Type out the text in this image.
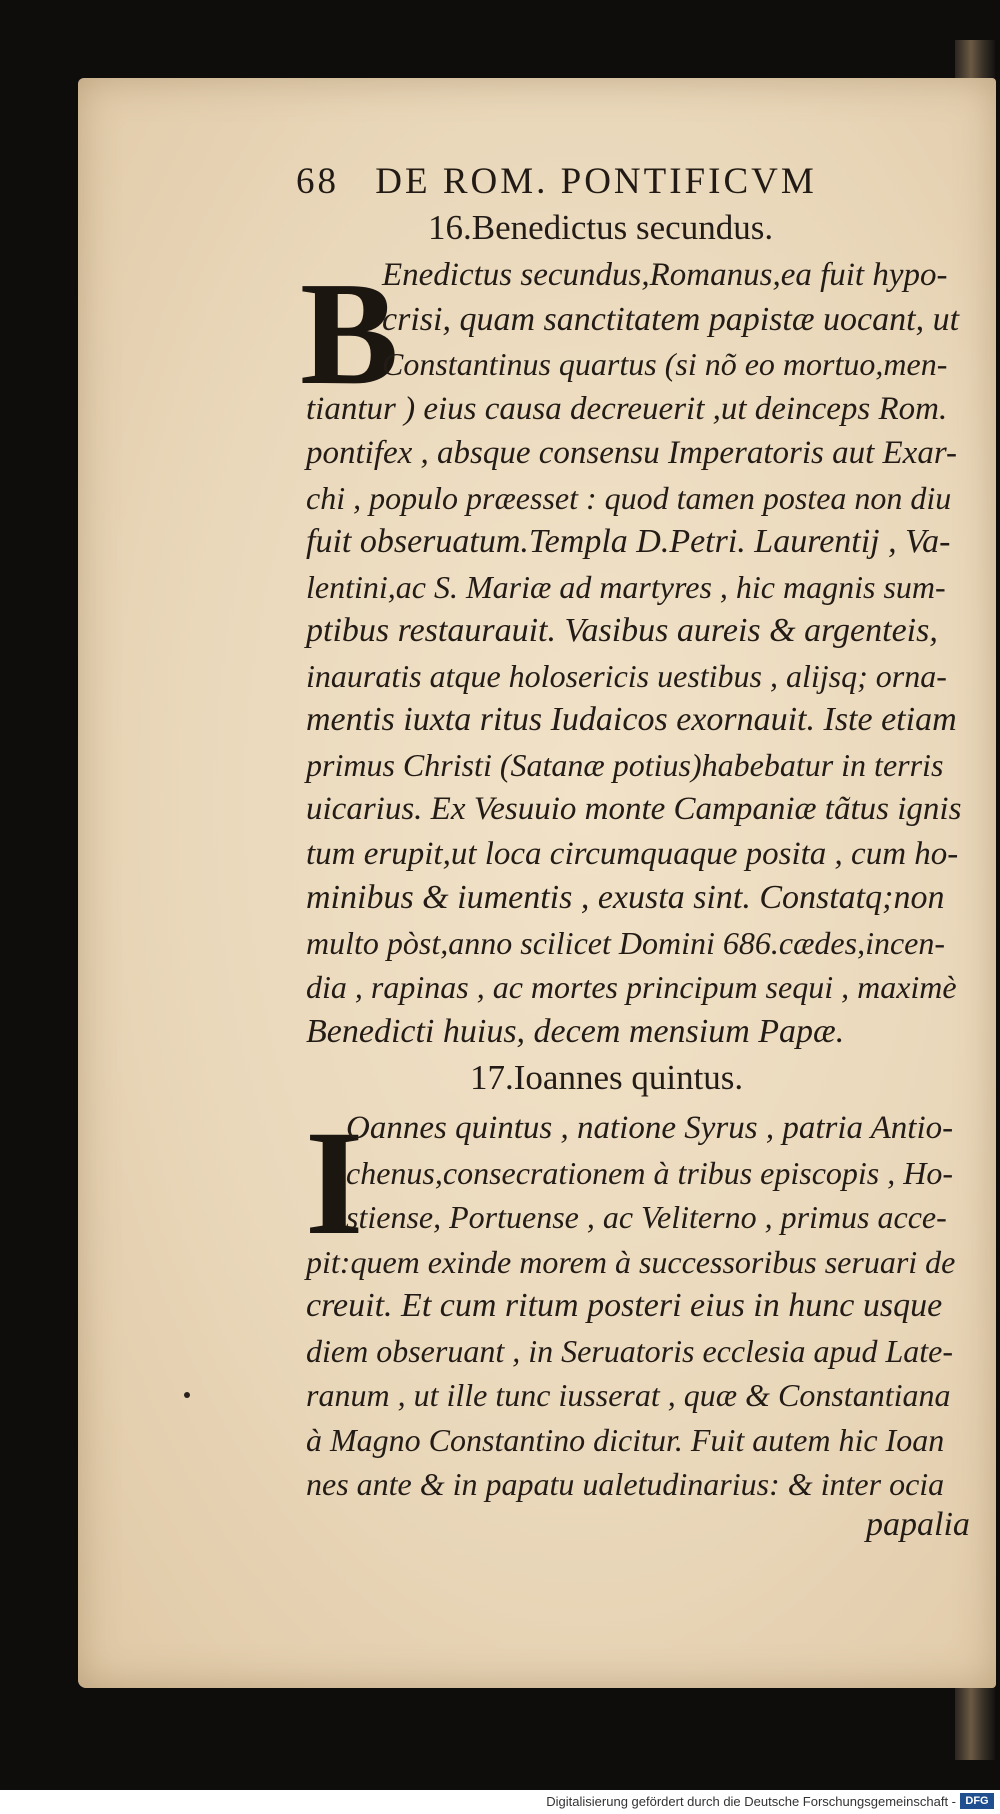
68 DE ROM. PONTIFICVM
16.Benedictus secundus.
B
Enedictus secundus,Romanus,ea fuit hypo-
crisi, quam sanctitatem papistæ uocant, ut
Constantinus quartus (si nõ eo mortuo,men-
tiantur ) eius causa decreuerit ,ut deinceps Rom.
pontifex , absque consensu Imperatoris aut Exar-
chi , populo præesset : quod tamen postea non diu
fuit obseruatum.Templa D.Petri. Laurentij , Va-
lentini,ac S. Mariæ ad martyres , hic magnis sum-
ptibus restaurauit. Vasibus aureis & argenteis,
inauratis atque holosericis uestibus , alijsq; orna-
mentis iuxta ritus Iudaicos exornauit. Iste etiam
primus Christi (Satanæ potius)habebatur in terris
uicarius. Ex Vesuuio monte Campaniæ tãtus ignis
tum erupit,ut loca circumquaque posita , cum ho-
minibus & iumentis , exusta sint. Constatq;non
multo pòst,anno scilicet Domini 686.cædes,incen-
dia , rapinas , ac mortes principum sequi , maximè
Benedicti huius, decem mensium Papæ.
17.Ioannes quintus.
I
Oannes quintus , natione Syrus , patria Antio-
chenus,consecrationem à tribus episcopis , Ho-
stiense, Portuense , ac Veliterno , primus acce-
pit:quem exinde morem à successoribus seruari de
creuit. Et cum ritum posteri eius in hunc usque
diem obseruant , in Seruatoris ecclesia apud Late-
ranum , ut ille tunc iusserat , quæ & Constantiana
à Magno Constantino dicitur. Fuit autem hic Ioan
nes ante & in papatu ualetudinarius: & inter ocia
papalia
Digitalisierung gefördert durch die Deutsche Forschungsgemeinschaft - DFG
